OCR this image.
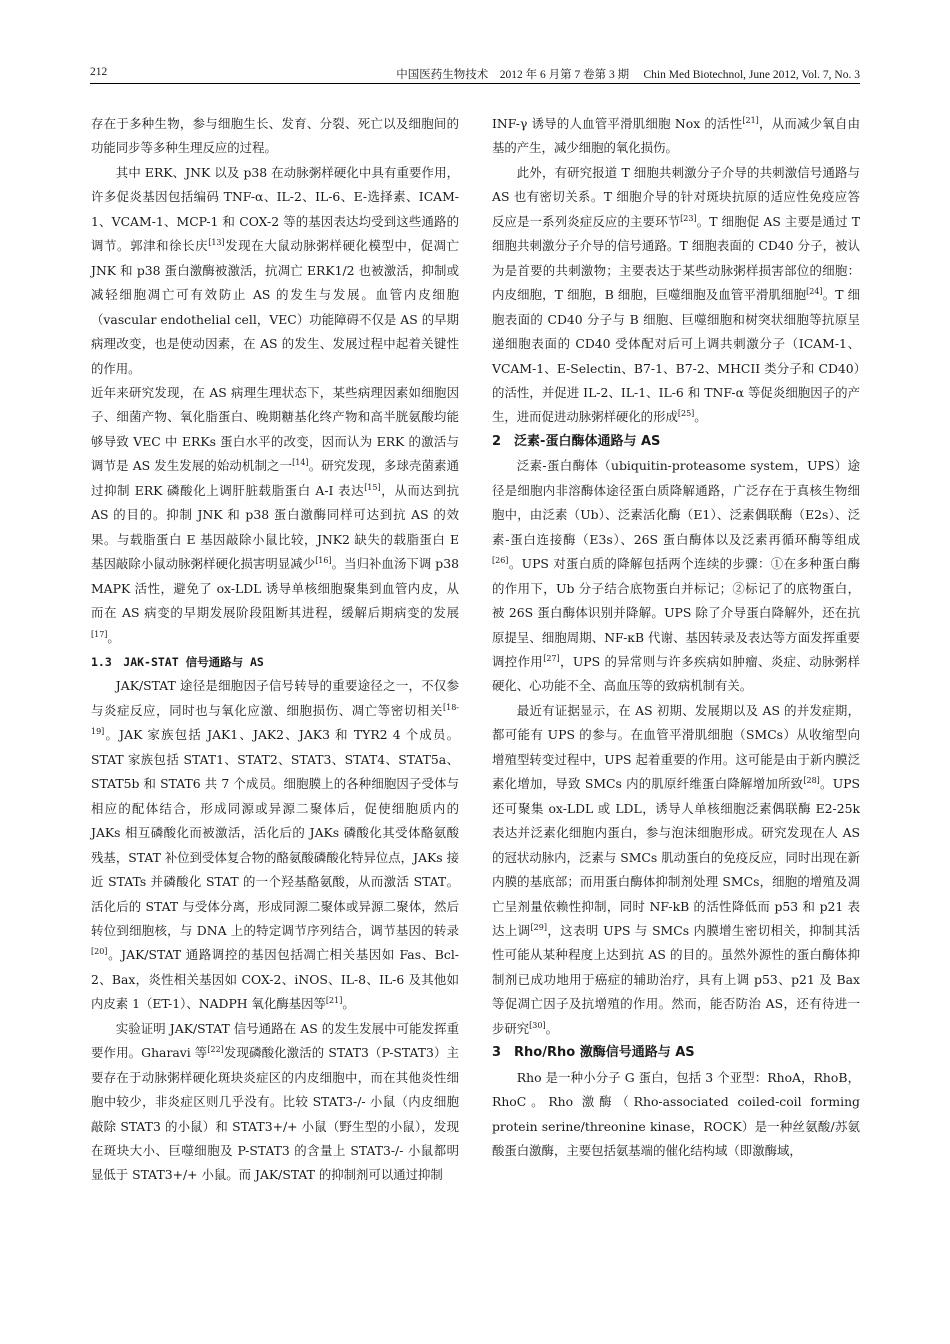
212	中国医药生物技术　2012 年 6 月第 7 卷第 3 期　 Chin Med Biotechnol, June 2012, Vol. 7, No. 3

存在于多种生物，参与细胞生长、发育、分裂、死亡以及细胞间的功能同步等多种生理反应的过程。

其中 ERK、JNK 以及 p38 在动脉粥样硬化中具有重要作用，许多促炎基因包括编码 TNF-α、IL-2、IL-6、E-选择素、ICAM-1、VCAM-1、MCP-1 和 COX-2 等的基因表达均受到这些通路的调节。郭津和徐长庆[13]发现在大鼠动脉粥样硬化模型中，促凋亡 JNK 和 p38 蛋白激酶被激活，抗凋亡 ERK1/2 也被激活，抑制或减轻细胞凋亡可有效防止 AS 的发生与发展。血管内皮细胞（vascular endothelial cell，VEC）功能障碍不仅是 AS 的早期病理改变，也是使动因素，在 AS 的发生、发展过程中起着关键性的作用。

近年来研究发现，在 AS 病理生理状态下，某些病理因素如细胞因子、细菌产物、氧化脂蛋白、晚期糖基化终产物和高半胱氨酸均能够导致 VEC 中 ERKs 蛋白水平的改变，因而认为 ERK 的激活与调节是 AS 发生发展的始动机制之一[14]。研究发现，多球壳菌素通过抑制 ERK 磷酸化上调肝脏载脂蛋白 A-I 表达[15]，从而达到抗 AS 的目的。抑制 JNK 和 p38 蛋白激酶同样可达到抗 AS 的效果。与载脂蛋白 E 基因敲除小鼠比较，JNK2 缺失的载脂蛋白 E 基因敲除小鼠动脉粥样硬化损害明显减少[16]。当归补血汤下调 p38 MAPK 活性，避免了 ox-LDL 诱导单核细胞聚集到血管内皮，从而在 AS 病变的早期发展阶段阻断其进程，缓解后期病变的发展[17]。

1.3　JAK-STAT 信号通路与 AS

JAK/STAT 途径是细胞因子信号转导的重要途径之一，不仅参与炎症反应，同时也与氧化应激、细胞损伤、凋亡等密切相关[18-19]。JAK 家族包括 JAK1、JAK2、JAK3 和 TYR2 4 个成员。STAT 家族包括 STAT1、STAT2、STAT3、STAT4、STAT5a、STAT5b 和 STAT6 共 7 个成员。细胞膜上的各种细胞因子受体与相应的配体结合，形成同源或异源二聚体后，促使细胞质内的 JAKs 相互磷酸化而被激活，活化后的 JAKs 磷酸化其受体酪氨酸残基，STAT 补位到受体复合物的酪氨酸磷酸化特异位点，JAKs 接近 STATs 并磷酸化 STAT 的一个羟基酪氨酸，从而激活 STAT。活化后的 STAT 与受体分离，形成同源二聚体或异源二聚体，然后转位到细胞核，与 DNA 上的特定调节序列结合，调节基因的转录[20]。JAK/STAT 通路调控的基因包括凋亡相关基因如 Fas、Bcl-2、Bax，炎性相关基因如 COX-2、iNOS、IL-8、IL-6 及其他如内皮素 1（ET-1）、NADPH 氧化酶基因等[21]。

实验证明 JAK/STAT 信号通路在 AS 的发生发展中可能发挥重要作用。Gharavi 等[22]发现磷酸化激活的 STAT3（P-STAT3）主要存在于动脉粥样硬化斑块炎症区的内皮细胞中，而在其他炎性细胞中较少，非炎症区则几乎没有。比较 STAT3-/- 小鼠（内皮细胞敲除 STAT3 的小鼠）和 STAT3+/+ 小鼠（野生型的小鼠），发现在斑块大小、巨噬细胞及 P-STAT3 的含量上 STAT3-/- 小鼠都明显低于 STAT3+/+ 小鼠。而 JAK/STAT 的抑制剂可以通过抑制

INF-γ 诱导的人血管平滑肌细胞 Nox 的活性[21]，从而减少氧自由基的产生，减少细胞的氧化损伤。

此外，有研究报道 T 细胞共刺激分子介导的共刺激信号通路与 AS 也有密切关系。T 细胞介导的针对斑块抗原的适应性免疫应答反应是一系列炎症反应的主要环节[23]。T 细胞促 AS 主要是通过 T 细胞共刺激分子介导的信号通路。T 细胞表面的 CD40 分子，被认为是首要的共刺激物；主要表达于某些动脉粥样损害部位的细胞：内皮细胞，T 细胞，B 细胞，巨噬细胞及血管平滑肌细胞[24]。T 细胞表面的 CD40 分子与 B 细胞、巨噬细胞和树突状细胞等抗原呈递细胞表面的 CD40 受体配对后可上调共刺激分子（ICAM-1、VCAM-1、E-Selectin、B7-1、B7-2、MHCII 类分子和 CD40）的活性，并促进 IL-2、IL-1、IL-6 和 TNF-α 等促炎细胞因子的产生，进而促进动脉粥样硬化的形成[25]。

2　泛素-蛋白酶体通路与 AS

泛素-蛋白酶体（ubiquitin-proteasome system，UPS）途径是细胞内非溶酶体途径蛋白质降解通路，广泛存在于真核生物细胞中，由泛素（Ub）、泛素活化酶（E1）、泛素偶联酶（E2s）、泛素-蛋白连接酶（E3s）、26S 蛋白酶体以及泛素再循环酶等组成[26]。UPS 对蛋白质的降解包括两个连续的步骤：①在多种蛋白酶的作用下，Ub 分子结合底物蛋白并标记；②标记了的底物蛋白，被 26S 蛋白酶体识别并降解。UPS 除了介导蛋白降解外，还在抗原提呈、细胞周期、NF-κB 代谢、基因转录及表达等方面发挥重要调控作用[27]，UPS 的异常则与许多疾病如肿瘤、炎症、动脉粥样硬化、心功能不全、高血压等的致病机制有关。

最近有证据显示，在 AS 初期、发展期以及 AS 的并发症期，都可能有 UPS 的参与。在血管平滑肌细胞（SMCs）从收缩型向增殖型转变过程中，UPS 起着重要的作用。这可能是由于新内膜泛素化增加，导致 SMCs 内的肌原纤维蛋白降解增加所致[28]。UPS 还可聚集 ox-LDL 或 LDL，诱导人单核细胞泛素偶联酶 E2-25k 表达并泛素化细胞内蛋白，参与泡沫细胞形成。研究发现在人 AS 的冠状动脉内，泛素与 SMCs 肌动蛋白的免疫反应，同时出现在新内膜的基底部；而用蛋白酶体抑制剂处理 SMCs，细胞的增殖及凋亡呈剂量依赖性抑制，同时 NF-kB 的活性降低而 p53 和 p21 表达上调[29]，这表明 UPS 与 SMCs 内膜增生密切相关，抑制其活性可能从某种程度上达到抗 AS 的目的。虽然外源性的蛋白酶体抑制剂已成功地用于癌症的辅助治疗，具有上调 p53、p21 及 Bax 等促凋亡因子及抗增殖的作用。然而，能否防治 AS，还有待进一步研究[30]。

3　Rho/Rho 激酶信号通路与 AS

Rho 是一种小分子 G 蛋白，包括 3 个亚型：RhoA，RhoB，RhoC。Rho 激酶（Rho-associated coiled-coil forming protein serine/threonine kinase，ROCK）是一种丝氨酸/苏氨酸蛋白激酶，主要包括氨基端的催化结构域（即激酶域，
